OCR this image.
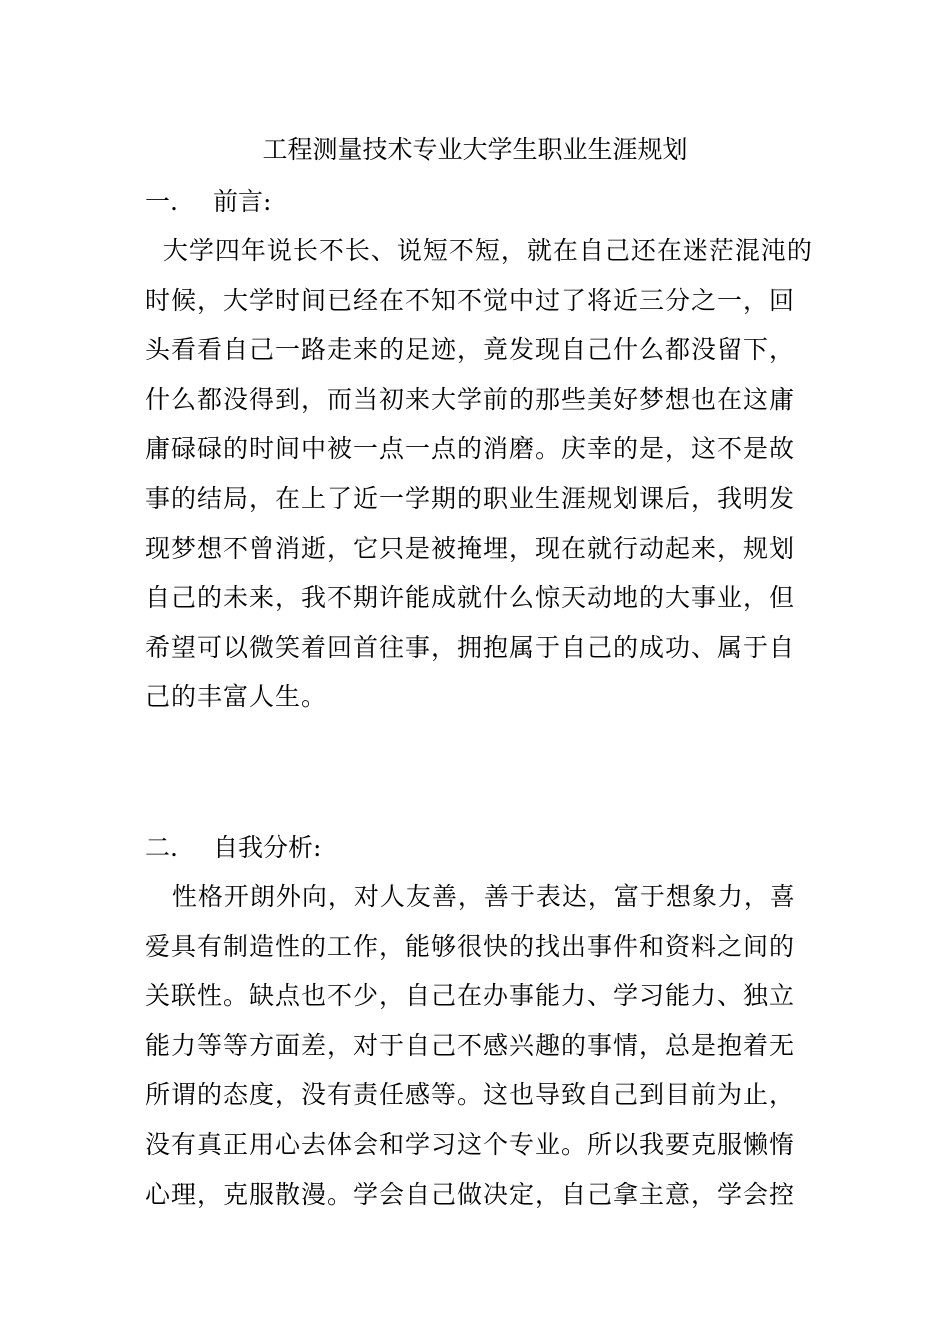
工程测量技术专业大学生职业生涯规划
一. 前言:
大学四年说长不长、说短不短，就在自己还在迷茫混沌的
时候，大学时间已经在不知不觉中过了将近三分之一，回
头看看自己一路走来的足迹，竟发现自己什么都没留下，
什么都没得到，而当初来大学前的那些美好梦想也在这庸
庸碌碌的时间中被一点一点的消磨。庆幸的是，这不是故
事的结局，在上了近一学期的职业生涯规划课后，我明发
现梦想不曾消逝，它只是被掩埋，现在就行动起来，规划
自己的未来，我不期许能成就什么惊天动地的大事业，但
希望可以微笑着回首往事，拥抱属于自己的成功、属于自
己的丰富人生。
二. 自我分析:
性格开朗外向，对人友善，善于表达，富于想象力，喜
爱具有制造性的工作，能够很快的找出事件和资料之间的
关联性。缺点也不少，自己在办事能力、学习能力、独立
能力等等方面差，对于自己不感兴趣的事情，总是抱着无
所谓的态度，没有责任感等。这也导致自己到目前为止，
没有真正用心去体会和学习这个专业。所以我要克服懒惰
心理，克服散漫。学会自己做决定，自己拿主意，学会控
